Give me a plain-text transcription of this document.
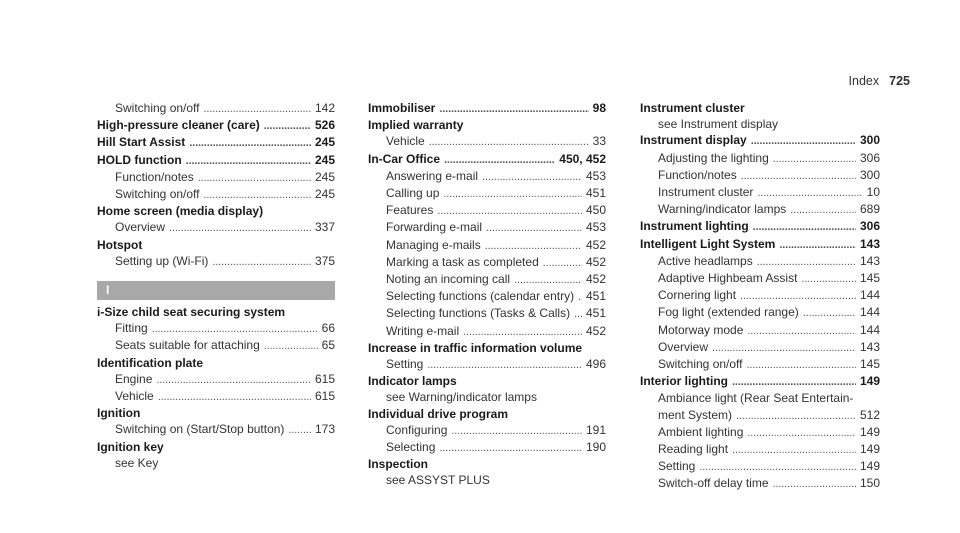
Index 725
Switching on/off . . .	142
High-pressure cleaner (care) . . .	526
Hill Start Assist . . .	245
HOLD function . . .	245
Function/notes . . .	245
Switching on/off . . .	245
Home screen (media display)
Overview . . .	337
Hotspot
Setting up (Wi-Fi) . . .	375
I
i-Size child seat securing system
Fitting . . .	66
Seats suitable for attaching . . .	65
Identification plate
Engine . . .	615
Vehicle . . .	615
Ignition
Switching on (Start/Stop button) . . .	173
Ignition key
see Key
Immobiliser . . .	98
Implied warranty
Vehicle . . .	33
In-Car Office . . .	450, 452
Answering e-mail . . .	453
Calling up . . .	451
Features . . .	450
Forwarding e-mail . . .	453
Managing e-mails . . .	452
Marking a task as completed . . .	452
Noting an incoming call . . .	452
Selecting functions (calendar entry) . . . 451
Selecting functions (Tasks & Calls) . . . 451
Writing e-mail . . .	452
Increase in traffic information volume
Setting . . .	496
Indicator lamps
see Warning/indicator lamps
Individual drive program
Configuring . . .	191
Selecting . . .	190
Inspection
see ASSYST PLUS
Instrument cluster
see Instrument display
Instrument display . . .	300
Adjusting the lighting . . .	306
Function/notes . . .	300
Instrument cluster . . .	10
Warning/indicator lamps . . .	689
Instrument lighting . . .	306
Intelligent Light System . . .	143
Active headlamps . . .	143
Adaptive Highbeam Assist . . .	145
Cornering light . . .	144
Fog light (extended range) . . .	144
Motorway mode . . .	144
Overview . . .	143
Switching on/off . . .	145
Interior lighting . . .	149
Ambiance light (Rear Seat Entertain-
ment System) . . .	512
Ambient lighting . . .	149
Reading light . . .	149
Setting . . .	149
Switch-off delay time . . .	150
